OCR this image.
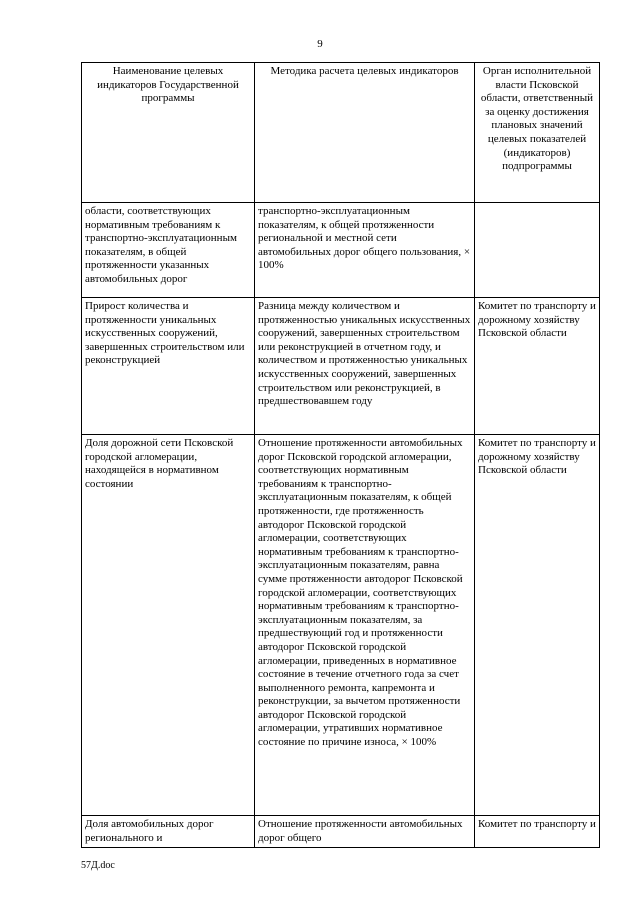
9
Наименование целевых индикаторов Государственной программы	Методика расчета целевых индикаторов	Орган исполнительной власти Псковской области, ответственный за оценку достижения плановых значений целевых показателей (индикаторов) подпрограммы
области, соответствующих нормативным требованиям к транспортно-эксплуатационным показателям, в общей протяженности указанных автомобильных дорог	транспортно-эксплуатационным показателям, к общей протяженности региональной и местной сети автомобильных дорог общего пользования, × 100%	
Прирост количества и протяженности уникальных искусственных сооружений, завершенных строительством или реконструкцией	Разница между количеством и протяженностью уникальных искусственных сооружений, завершенных строительством или реконструкцией в отчетном году, и количеством и протяженностью уникальных искусственных сооружений, завершенных строительством или реконструкцией, в предшествовавшем году	Комитет по транспорту и дорожному хозяйству Псковской области
Доля дорожной сети Псковской городской агломерации, находящейся в нормативном состоянии	Отношение протяженности автомобильных дорог Псковской городской агломерации, соответствующих нормативным требованиям к транспортно-эксплуатационным показателям, к общей протяженности, где протяженность автодорог Псковской городской агломерации, соответствующих нормативным требованиям к транспортно-эксплуатационным показателям, равна сумме протяженности автодорог Псковской городской агломерации, соответствующих нормативным требованиям к транспортно-эксплуатационным показателям, за предшествующий год и протяженности автодорог Псковской городской агломерации, приведенных в нормативное состояние в течение отчетного года за счет выполненного ремонта, капремонта и реконструкции, за вычетом протяженности автодорог Псковской городской агломерации, утративших нормативное состояние по причине износа, × 100%	Комитет по транспорту и дорожному хозяйству Псковской области
Доля автомобильных дорог регионального и	Отношение протяженности автомобильных дорог общего	Комитет по транспорту и
57Д.doc
